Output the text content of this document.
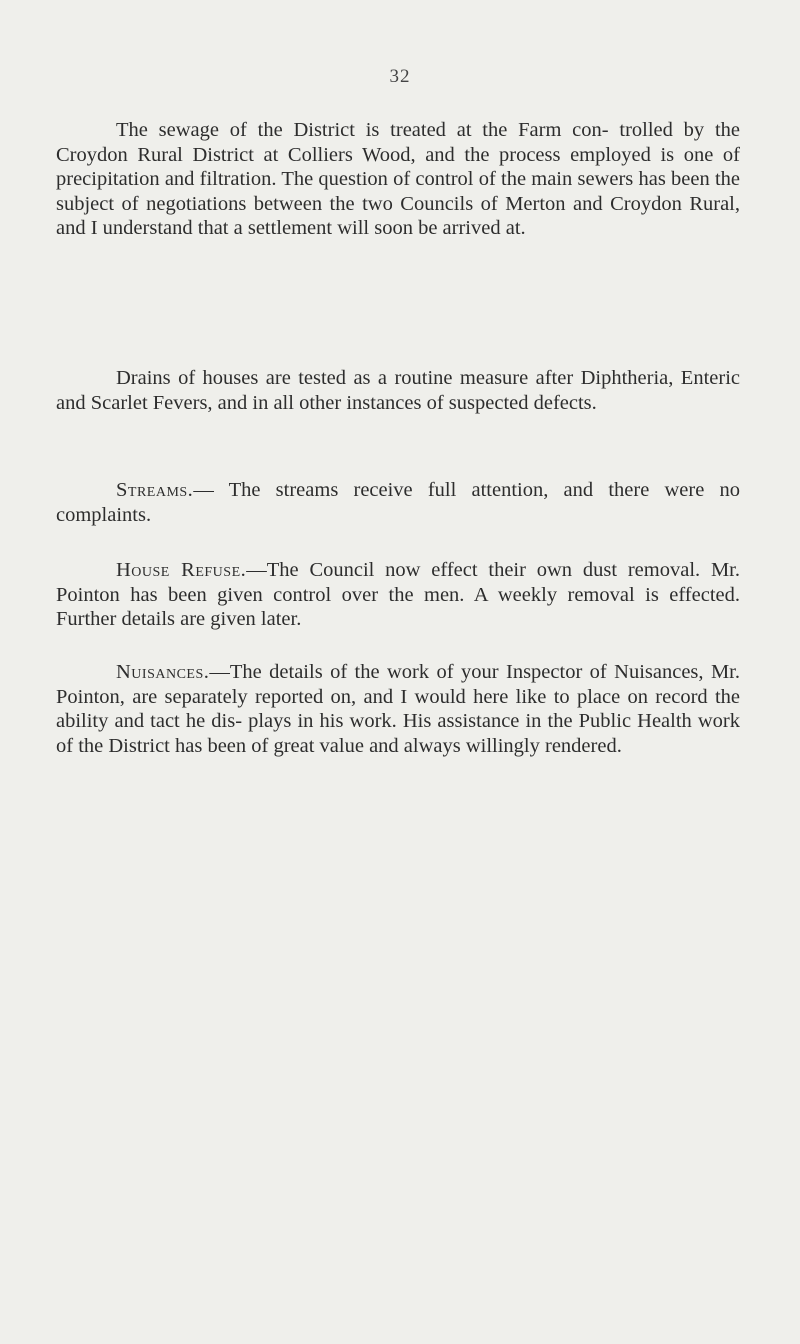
32

The sewage of the District is treated at the Farm con- trolled by the Croydon Rural District at Colliers Wood, and the process employed is one of precipitation and filtration. The question of control of the main sewers has been the subject of negotiations between the two Councils of Merton and Croydon Rural, and I understand that a settlement will soon be arrived at.

Drains of houses are tested as a routine measure after Diphtheria, Enteric and Scarlet Fevers, and in all other instances of suspected defects.

Streams.— The streams receive full attention, and there were no complaints.

House Refuse.—The Council now effect their own dust removal. Mr. Pointon has been given control over the men. A weekly removal is effected. Further details are given later.

Nuisances.—The details of the work of your Inspector of Nuisances, Mr. Pointon, are separately reported on, and I would here like to place on record the ability and tact he dis- plays in his work. His assistance in the Public Health work of the District has been of great value and always willingly rendered.
